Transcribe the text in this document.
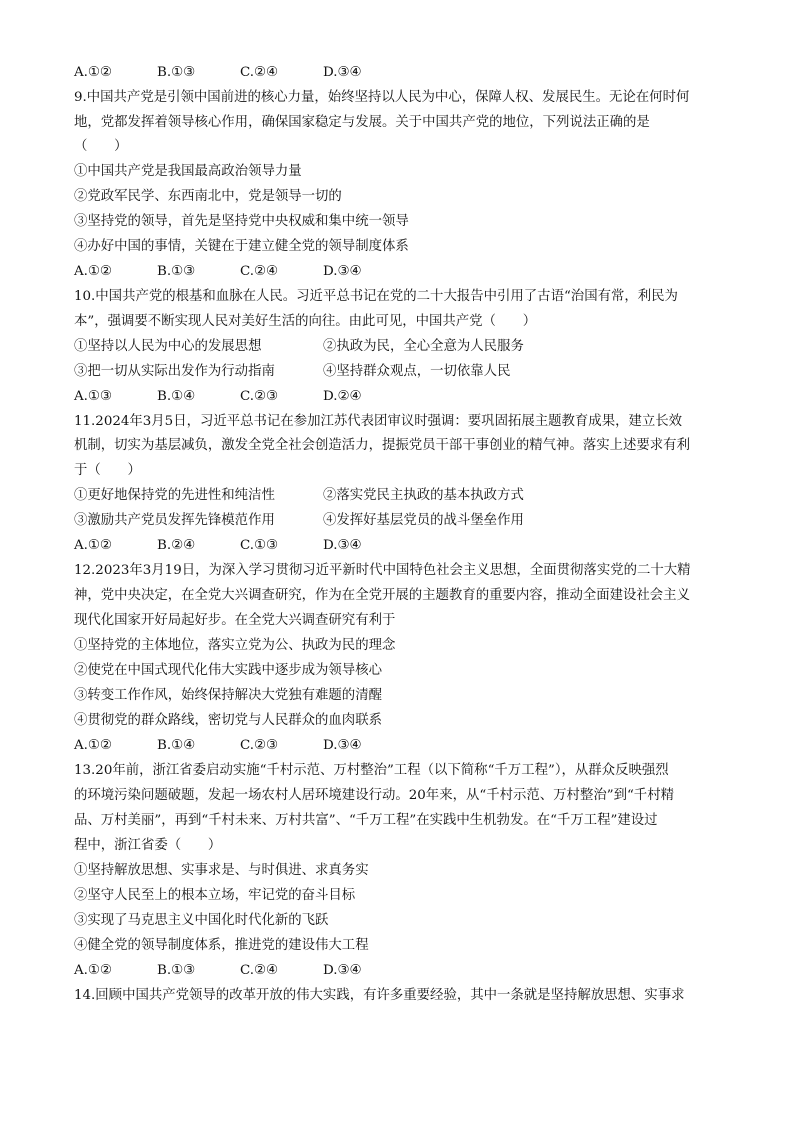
A.①②	B.①③	C.②④	D.③④
9.中国共产党是引领中国前进的核心力量，始终坚持以人民为中心，保障人权、发展民生。无论在何时何
地，党都发挥着领导核心作用，确保国家稳定与发展。关于中国共产党的地位，下列说法正确的是
（　　）
①中国共产党是我国最高政治领导力量
②党政军民学、东西南北中，党是领导一切的
③坚持党的领导，首先是坚持党中央权威和集中统一领导
④办好中国的事情，关键在于建立健全党的领导制度体系
A.①②	B.①③	C.②④	D.③④
10.中国共产党的根基和血脉在人民。习近平总书记在党的二十大报告中引用了古语“治国有常，利民为
本”，强调要不断实现人民对美好生活的向往。由此可见，中国共产党（　　）
①坚持以人民为中心的发展思想	②执政为民，全心全意为人民服务
③把一切从实际出发作为行动指南	④坚持群众观点，一切依靠人民
A.①③	B.①④	C.②③	D.②④
11.2024年3月5日，习近平总书记在参加江苏代表团审议时强调：要巩固拓展主题教育成果，建立长效
机制，切实为基层减负，激发全党全社会创造活力，提振党员干部干事创业的精气神。落实上述要求有利
于（　　）
①更好地保持党的先进性和纯洁性	②落实党民主执政的基本执政方式
③激励共产党员发挥先锋模范作用	④发挥好基层党员的战斗堡垒作用
A.①②	B.②④	C.①③	D.③④
12.2023年3月19日，为深入学习贯彻习近平新时代中国特色社会主义思想，全面贯彻落实党的二十大精
神，党中央决定，在全党大兴调查研究，作为在全党开展的主题教育的重要内容，推动全面建设社会主义
现代化国家开好局起好步。在全党大兴调查研究有利于
①坚持党的主体地位，落实立党为公、执政为民的理念
②使党在中国式现代化伟大实践中逐步成为领导核心
③转变工作作风，始终保持解决大党独有难题的清醒
④贯彻党的群众路线，密切党与人民群众的血肉联系
A.①②	B.①④	C.②③	D.③④
13.20年前，浙江省委启动实施“千村示范、万村整治”工程（以下简称“千万工程”），从群众反映强烈
的环境污染问题破题，发起一场农村人居环境建设行动。20年来，从“千村示范、万村整治”到“千村精
品、万村美丽”，再到“千村未来、万村共富”、“千万工程”在实践中生机勃发。在“千万工程”建设过
程中，浙江省委（　　）
①坚持解放思想、实事求是、与时俱进、求真务实
②坚守人民至上的根本立场，牢记党的奋斗目标
③实现了马克思主义中国化时代化新的飞跃
④健全党的领导制度体系，推进党的建设伟大工程
A.①②	B.①③	C.②④	D.③④
14.回顾中国共产党领导的改革开放的伟大实践，有许多重要经验，其中一条就是坚持解放思想、实事求
